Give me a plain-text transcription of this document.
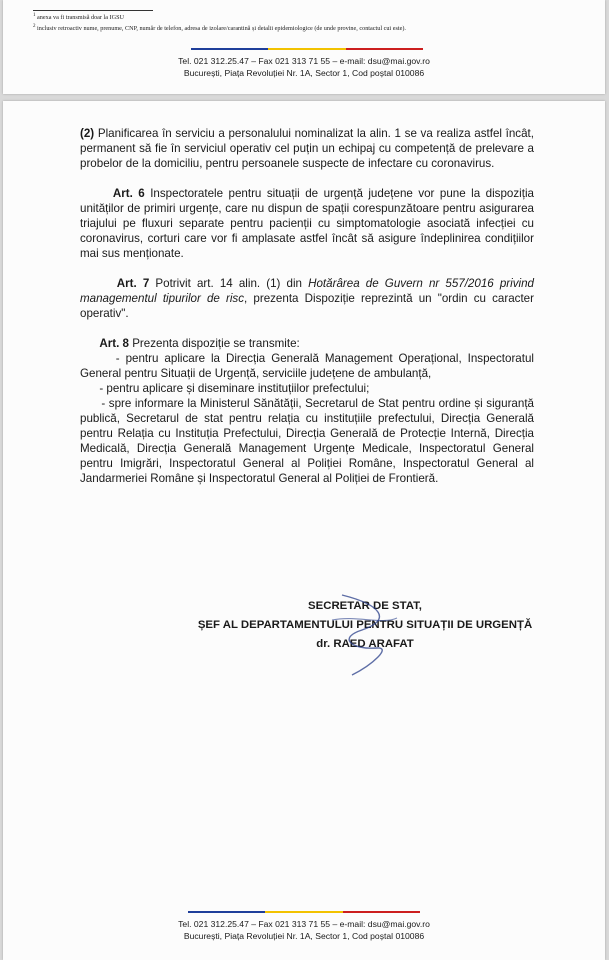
$^1$ anexa va fi transmisă doar la IGSU
$^2$ inclusiv retroactiv nume, prenume, CNP, număr de telefon, adresa de izolare/carantină și detalii epidemiologice (de unde provine, contactul cui este).
Tel. 021 312.25.47 – Fax 021 313 71 55 – e-mail: dsu@mai.gov.ro
București, Piața Revoluției Nr. 1A, Sector 1, Cod poștal 010086

(2) Planificarea în serviciu a personalului nominalizat la alin. 1 se va realiza astfel încât, permanent să fie în serviciul operativ cel puțin un echipaj cu competență de prelevare a probelor de la domiciliu, pentru persoanele suspecte de infectare cu coronavirus.

Art. 6 Inspectoratele pentru situații de urgență județene vor pune la dispoziția unităților de primiri urgențe, care nu dispun de spații corespunzătoare pentru asigurarea triajului pe fluxuri separate pentru pacienții cu simptomatologie asociată infecției cu coronavirus, corturi care vor fi amplasate astfel încât să asigure îndeplinirea condițiilor mai sus menționate.

Art. 7 Potrivit art. 14 alin. (1) din Hotărârea de Guvern nr 557/2016 privind managementul tipurilor de risc, prezenta Dispoziție reprezintă un "ordin cu caracter operativ".

Art. 8 Prezenta dispoziție se transmite:

- pentru aplicare la Direcția Generală Management Operațional, Inspectoratul General pentru Situații de Urgență, serviciile județene de ambulanță,

- pentru aplicare și diseminare instituțiilor prefectului;

- spre informare la Ministerul Sănătății, Secretarul de Stat pentru ordine și siguranță publică, Secretarul de stat pentru relația cu instituțiile prefectului, Direcția Generală pentru Relația cu Instituția Prefectului, Direcția Generală de Protecție Internă, Direcția Medicală, Direcția Generală Management Urgențe Medicale, Inspectoratul General pentru Imigrări, Inspectoratul General al Poliției Române, Inspectoratul General al Jandarmeriei Române și Inspectoratul General al Poliției de Frontieră.

SECRETAR DE STAT,
ȘEF AL DEPARTAMENTULUI PENTRU SITUAȚII DE URGENȚĂ
dr. RAED ARAFAT
Tel. 021 312.25.47 – Fax 021 313 71 55 – e-mail: dsu@mai.gov.ro
București, Piața Revoluției Nr. 1A, Sector 1, Cod poștal 010086
